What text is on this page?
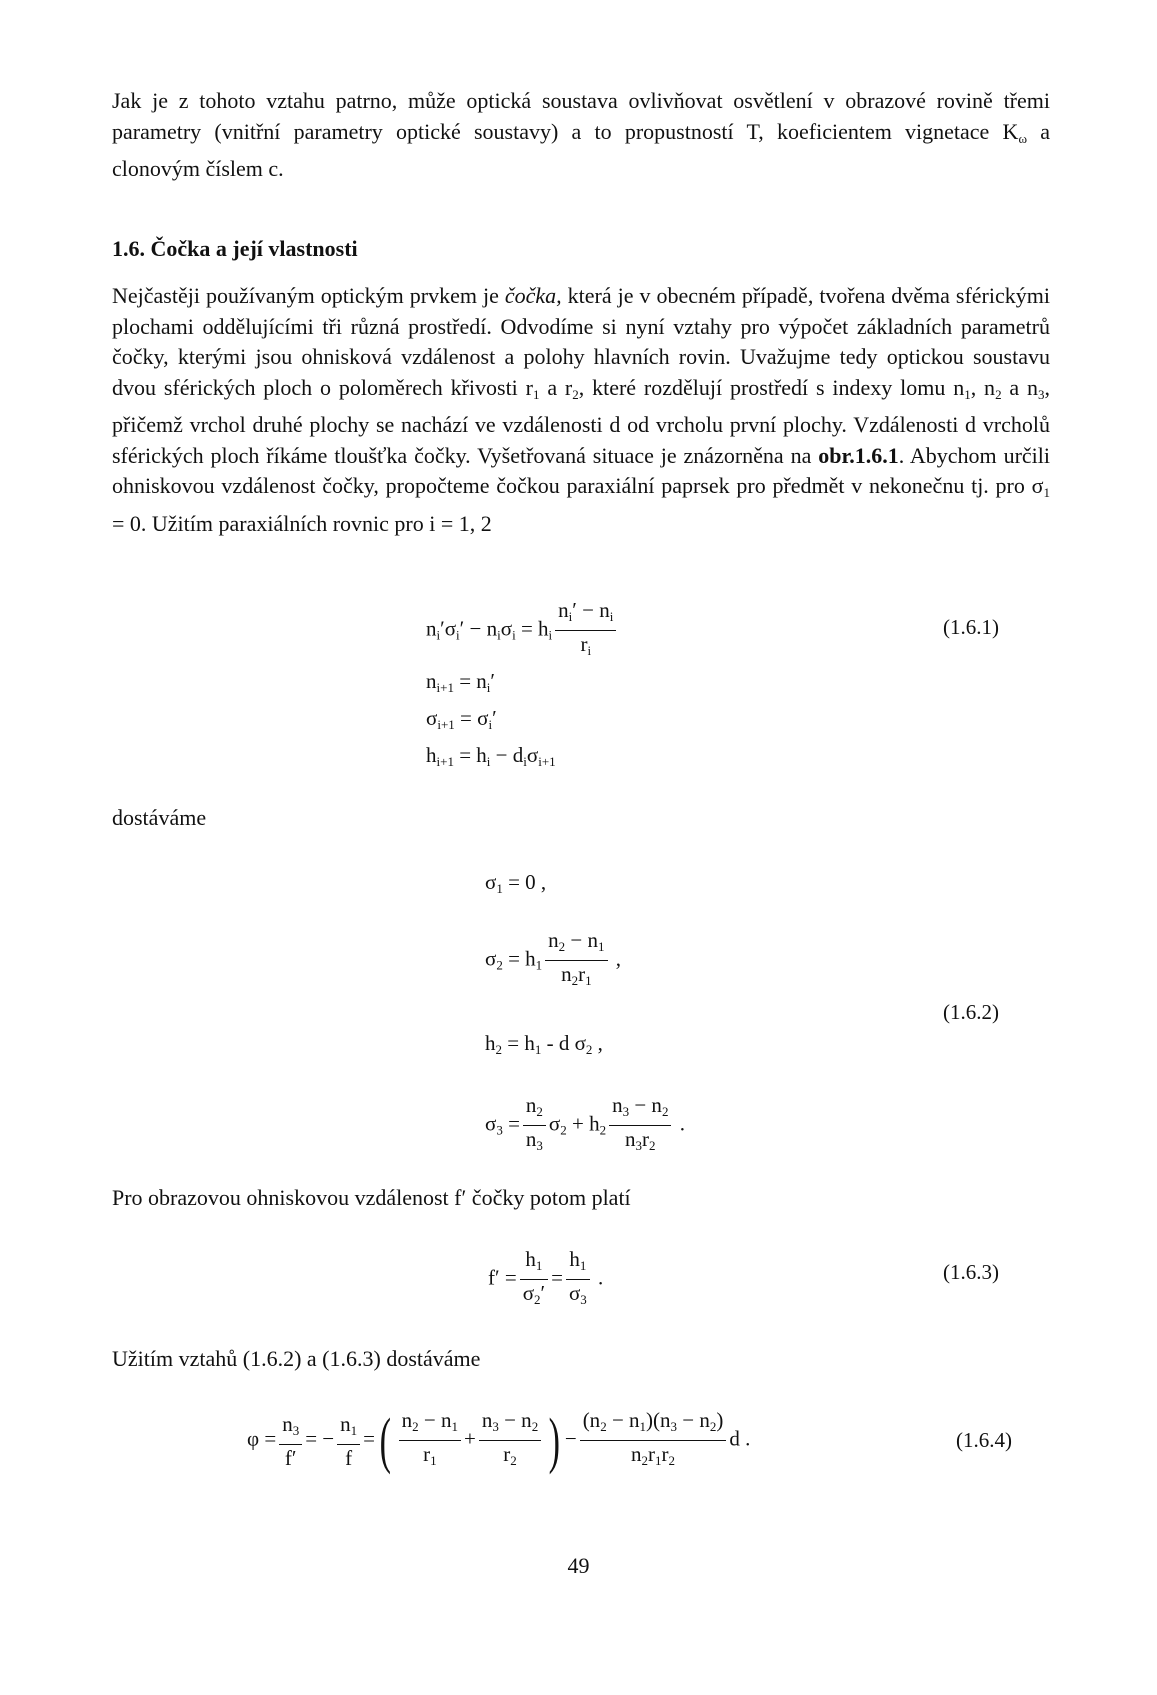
Jak je z tohoto vztahu patrno, může optická soustava ovlivňovat osvětlení v obrazové rovině třemi parametry (vnitřní parametry optické soustavy) a to propustností T, koeficientem vignetace $K_\omega$ a clonovým číslem c.

1.6. Čočka a její vlastnosti

Nejčastěji používaným optickým prvkem je čočka, která je v obecném případě, tvořena dvěma sférickými plochami oddělujícími tři různá prostředí. Odvodíme si nyní vztahy pro výpočet základních parametrů čočky, kterými jsou ohnisková vzdálenost a polohy hlavních rovin. Uvažujme tedy optickou soustavu dvou sférických ploch o poloměrech křivosti $r_1$ a $r_2$, které rozdělují prostředí s indexy lomu $n_1$, $n_2$ a $n_3$, přičemž vrchol druhé plochy se nachází ve vzdálenosti d od vrcholu první plochy. Vzdálenosti d vrcholů sférických ploch říkáme tloušťka čočky. Vyšetřovaná situace je znázorněna na obr.1.6.1. Abychom určili ohniskovou vzdálenost čočky, propočteme čočkou paraxiální paprsek pro předmět v nekonečnu tj. pro $\sigma_1 = 0$. Užitím paraxiálních rovnic pro i = 1, 2

$n_i'\sigma_i' - n_i\sigma_i = h_i \frac{n_i' - n_i}{r_i}$	(1.6.1)
$n_{i+1} = n_i'$
$\sigma_{i+1} = \sigma_i'$
$h_{i+1} = h_i - d_i\sigma_{i+1}$

dostáváme

$\sigma_1 = 0$ ,
$\sigma_2 = h_1 \frac{n_2 - n_1}{n_2r_1}$ ,
(1.6.2)
$h_2 = h_1 - d$ $\sigma_2$ ,
$\sigma_3 = \frac{n_2}{n_3} \sigma_2 + h_2 \frac{n_3 - n_2}{n_3r_2}$ .

Pro obrazovou ohniskovou vzdálenost f′ čočky potom platí

$f' = \frac{h_1}{\sigma_2'} = \frac{h_1}{\sigma_3}$ .	(1.6.3)

Užitím vztahů (1.6.2) a (1.6.3) dostáváme

$\varphi = \frac{n_3}{f'}$ = − $\frac{n_1}{f}$ =( $\frac{n_2 - n_1}{r_1} + \frac{n_3 - n_2}{r_2}$ ) − $\frac{(n_2 - n_1)(n_3 - n_2)}{n_2r_1r_2}$ d .	(1.6.4)
49
